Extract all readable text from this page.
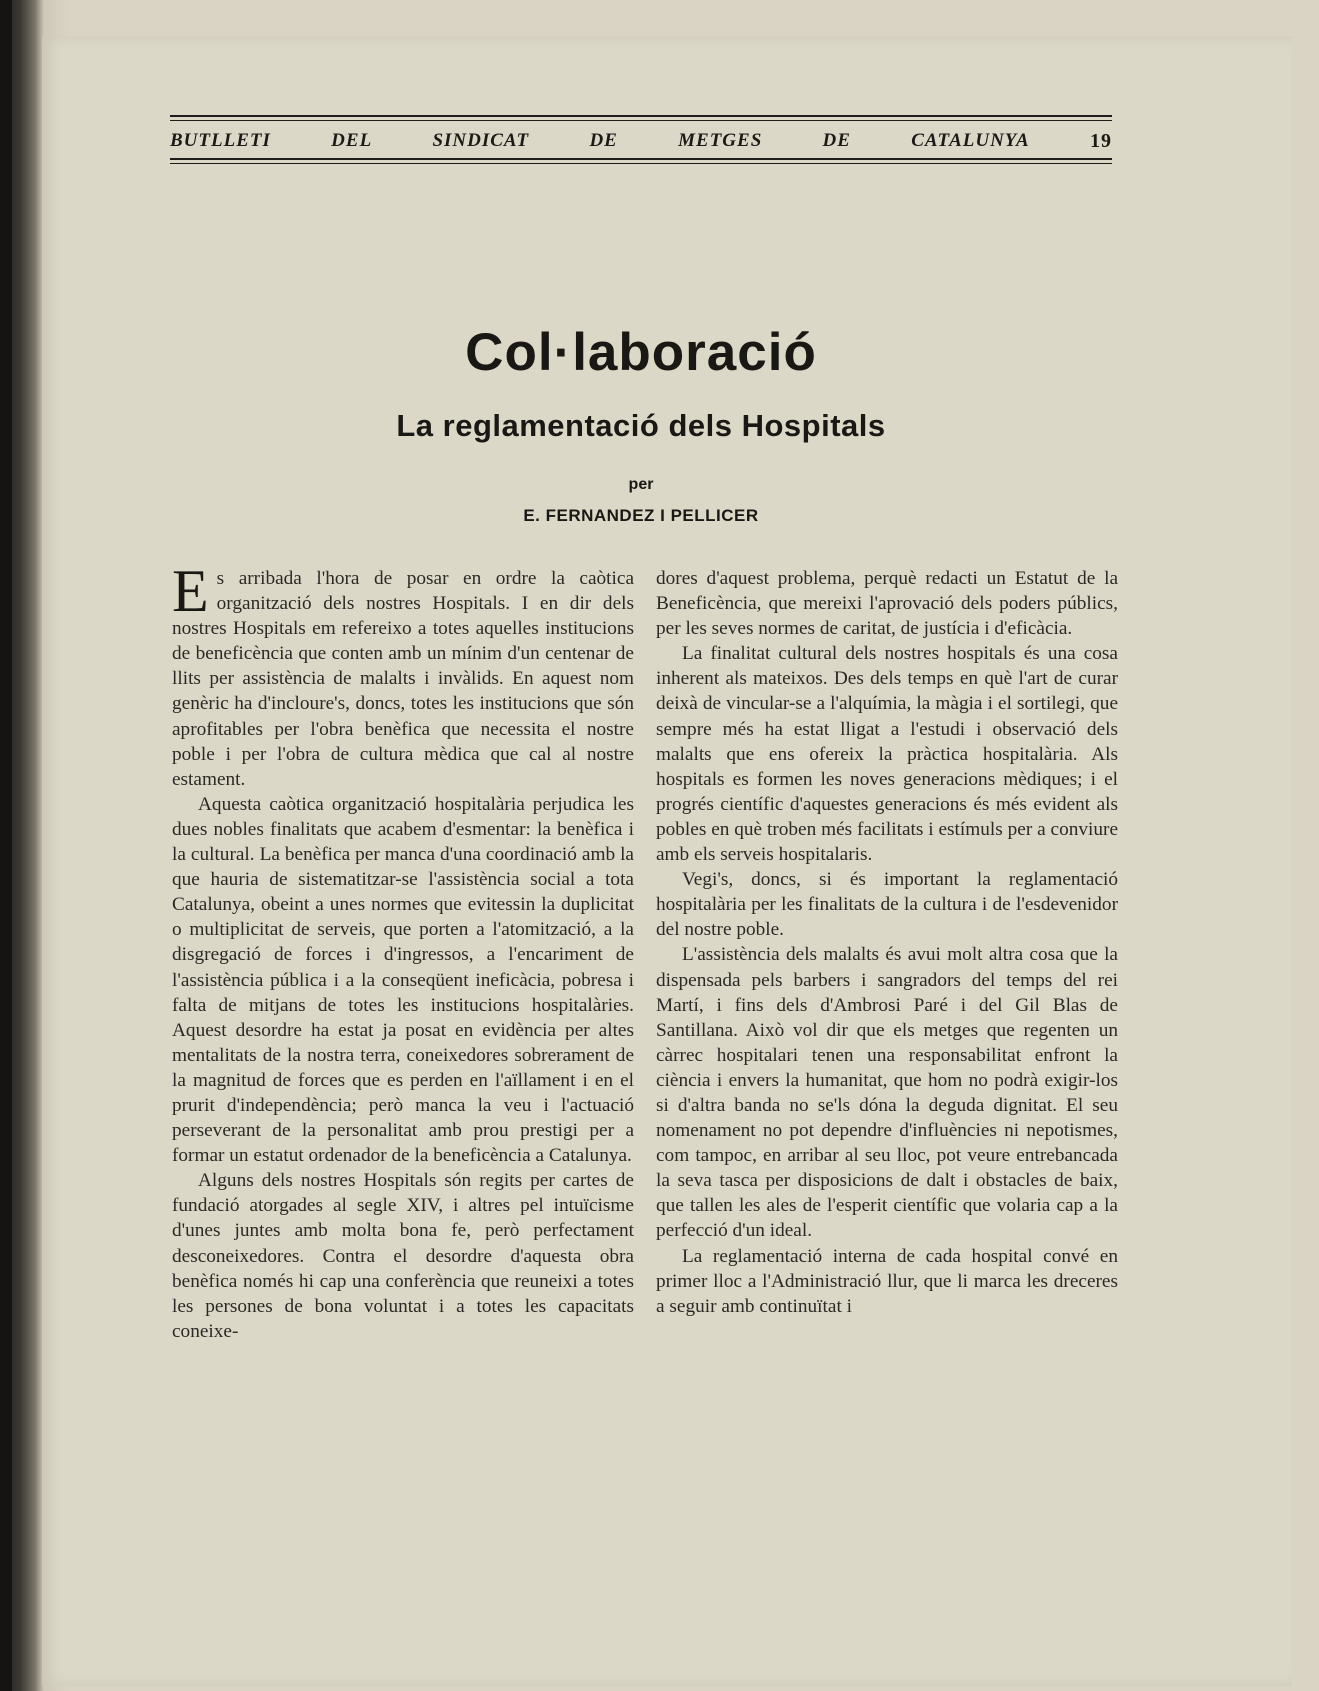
BUTLLETI	DEL	SINDICAT	DE	METGES	DE	CATALUNYA	19
Col·laboració
La reglamentació dels Hospitals
per
E. FERNANDEZ I PELLICER

Es arribada l'hora de posar en ordre la caòtica organització dels nostres Hospitals. I en dir dels nostres Hospitals em refereixo a totes aquelles institucions de beneficència que conten amb un mínim d'un centenar de llits per assistència de malalts i invàlids. En aquest nom genèric ha d'incloure's, doncs, totes les institucions que són aprofitables per l'obra benèfica que necessita el nostre poble i per l'obra de cultura mèdica que cal al nostre estament.

Aquesta caòtica organització hospitalària perjudica les dues nobles finalitats que acabem d'esmentar: la benèfica i la cultural. La benèfica per manca d'una coordinació amb la que hauria de sistematitzar-se l'assistència social a tota Catalunya, obeint a unes normes que evitessin la duplicitat o multiplicitat de serveis, que porten a l'atomització, a la disgregació de forces i d'ingressos, a l'encariment de l'assistència pública i a la conseqüent ineficàcia, pobresa i falta de mitjans de totes les institucions hospitalàries. Aquest desordre ha estat ja posat en evidència per altes mentalitats de la nostra terra, coneixedores sobrerament de la magnitud de forces que es perden en l'aïllament i en el prurit d'independència; però manca la veu i l'actuació perseverant de la personalitat amb prou prestigi per a formar un estatut ordenador de la beneficència a Catalunya.

Alguns dels nostres Hospitals són regits per cartes de fundació atorgades al segle XIV, i altres pel intuïcisme d'unes juntes amb molta bona fe, però perfectament desconeixedores. Contra el desordre d'aquesta obra benèfica només hi cap una conferència que reuneixi a totes les persones de bona voluntat i a totes les capacitats coneixe-

dores d'aquest problema, perquè redacti un Estatut de la Beneficència, que mereixi l'aprovació dels poders públics, per les seves normes de caritat, de justícia i d'eficàcia.

La finalitat cultural dels nostres hospitals és una cosa inherent als mateixos. Des dels temps en què l'art de curar deixà de vincular-se a l'alquímia, la màgia i el sortilegi, que sempre més ha estat lligat a l'estudi i observació dels malalts que ens ofereix la pràctica hospitalària. Als hospitals es formen les noves generacions mèdiques; i el progrés científic d'aquestes generacions és més evident als pobles en què troben més facilitats i estímuls per a conviure amb els serveis hospitalaris.

Vegi's, doncs, si és important la reglamentació hospitalària per les finalitats de la cultura i de l'esdevenidor del nostre poble.

L'assistència dels malalts és avui molt altra cosa que la dispensada pels barbers i sangradors del temps del rei Martí, i fins dels d'Ambrosi Paré i del Gil Blas de Santillana. Això vol dir que els metges que regenten un càrrec hospitalari tenen una responsabilitat enfront la ciència i envers la humanitat, que hom no podrà exigir-los si d'altra banda no se'ls dóna la deguda dignitat. El seu nomenament no pot dependre d'influències ni nepotismes, com tampoc, en arribar al seu lloc, pot veure entrebancada la seva tasca per disposicions de dalt i obstacles de baix, que tallen les ales de l'esperit científic que volaria cap a la perfecció d'un ideal.

La reglamentació interna de cada hospital convé en primer lloc a l'Administració llur, que li marca les dreceres a seguir amb continuïtat i
